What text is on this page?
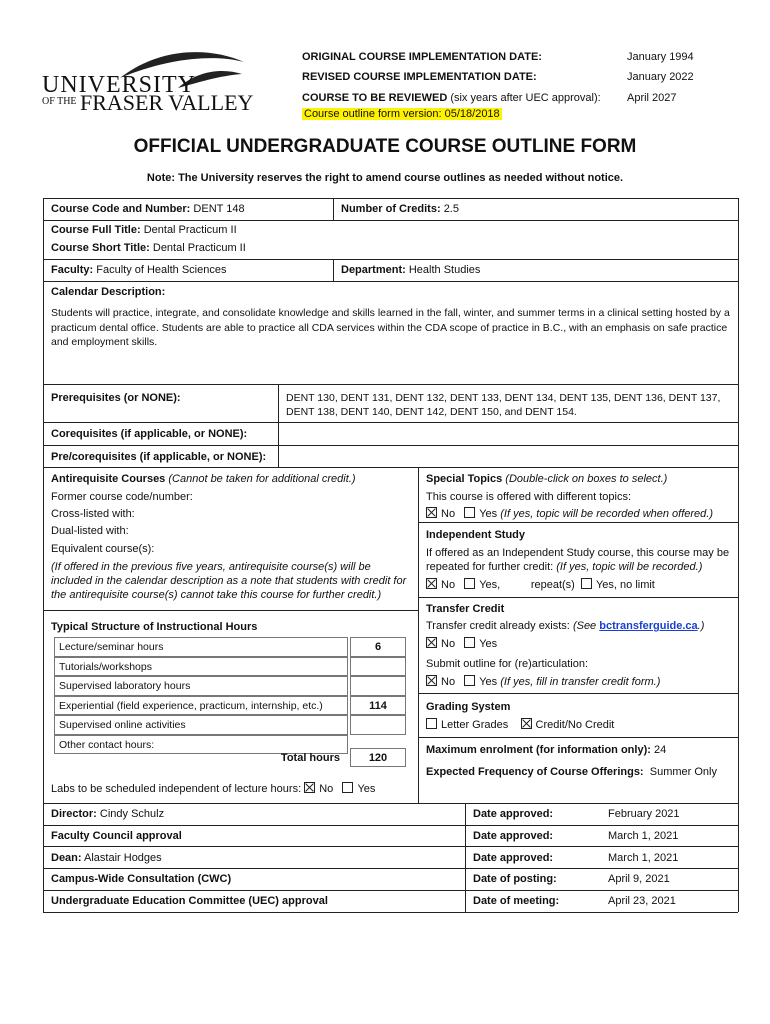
UNIVERSITY
OF THE FRASER VALLEY
ORIGINAL COURSE IMPLEMENTATION DATE:	January 1994
REVISED COURSE IMPLEMENTATION DATE:	January 2022
COURSE TO BE REVIEWED (six years after UEC approval): April 2027
Course outline form version: 05/18/2018
OFFICIAL UNDERGRADUATE COURSE OUTLINE FORM
Note: The University reserves the right to amend course outlines as needed without notice.
Course Code and Number: DENT 148	Number of Credits: 2.5
Course Full Title: Dental Practicum II
Course Short Title: Dental Practicum II
Faculty: Faculty of Health Sciences	Department: Health Studies
Calendar Description:
Students will practice, integrate, and consolidate knowledge and skills learned in the fall, winter, and summer terms in a clinical setting hosted by a practicum dental office. Students are able to practice all CDA services within the CDA scope of practice in B.C., with an emphasis on safe practice and employment skills.
Prerequisites (or NONE):	DENT 130, DENT 131, DENT 132, DENT 133, DENT 134, DENT 135, DENT 136, DENT 137, DENT 138, DENT 140, DENT 142, DENT 150, and DENT 154.
Corequisites (if applicable, or NONE):
Pre/corequisites (if applicable, or NONE):
Antirequisite Courses (Cannot be taken for additional credit.)
Former course code/number:
Cross-listed with:
Dual-listed with:
Equivalent course(s):
(If offered in the previous five years, antirequisite course(s) will be included in the calendar description as a note that students with credit for the antirequisite course(s) cannot take this course for further credit.)
Special Topics (Double-click on boxes to select.)
This course is offered with different topics:
No Yes (If yes, topic will be recorded when offered.)
Independent Study
If offered as an Independent Study course, this course may be repeated for further credit: (If yes, topic will be recorded.)
No Yes,	repeat(s) Yes, no limit
Transfer Credit
Transfer credit already exists: (See bctransferguide.ca.)
No Yes
Submit outline for (re)articulation:
No Yes (If yes, fill in transfer credit form.)
Grading System
Letter Grades Credit/No Credit
Maximum enrolment (for information only): 24
Expected Frequency of Course Offerings: Summer Only
Typical Structure of Instructional Hours
Lecture/seminar hours	6
Tutorials/workshops
Supervised laboratory hours
Experiential (field experience, practicum, internship, etc.)	114
Supervised online activities
Other contact hours:
Total hours	120
Labs to be scheduled independent of lecture hours: No Yes
Director: Cindy Schulz	Date approved:	February 2021
Faculty Council approval	Date approved:	March 1, 2021
Dean: Alastair Hodges	Date approved:	March 1, 2021
Campus-Wide Consultation (CWC)	Date of posting:	April 9, 2021
Undergraduate Education Committee (UEC) approval	Date of meeting:	April 23, 2021
